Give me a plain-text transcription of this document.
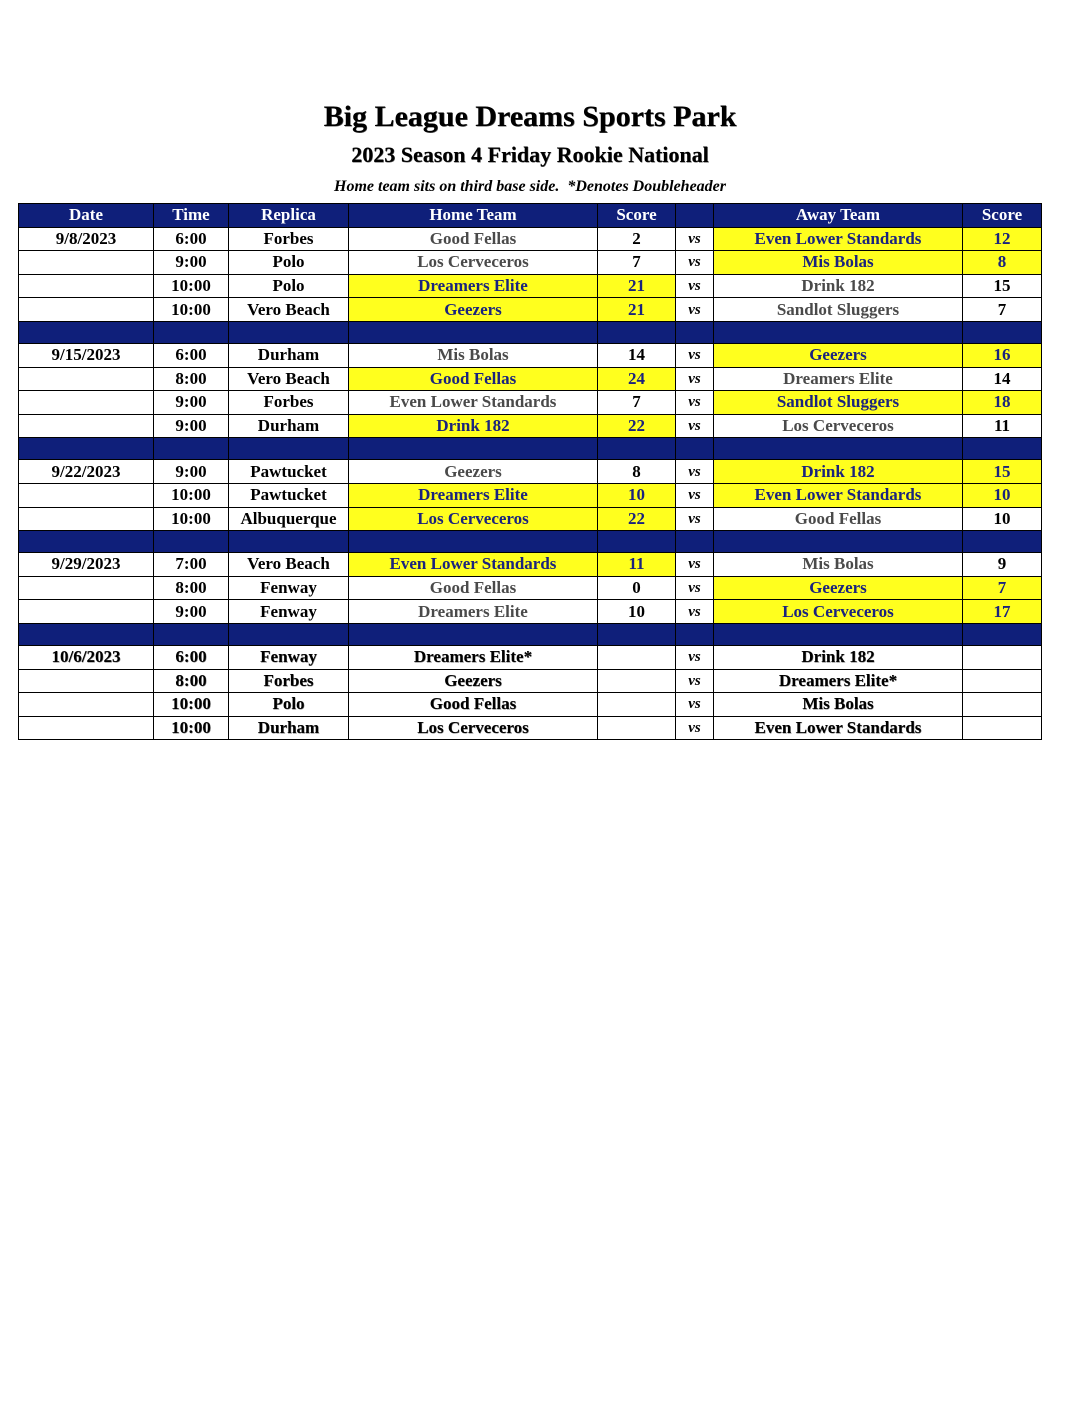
Big League Dreams Sports Park
2023 Season 4 Friday Rookie National
Home team sits on third base side.  *Denotes Doubleheader
Date	Time	Replica	Home Team	Score		Away Team	Score
9/8/2023	6:00	Forbes	Good Fellas	2	vs	Even Lower Standards	12
	9:00	Polo	Los Cerveceros	7	vs	Mis Bolas	8
	10:00	Polo	Dreamers Elite	21	vs	Drink 182	15
	10:00	Vero Beach	Geezers	21	vs	Sandlot Sluggers	7

9/15/2023	6:00	Durham	Mis Bolas	14	vs	Geezers	16
	8:00	Vero Beach	Good Fellas	24	vs	Dreamers Elite	14
	9:00	Forbes	Even Lower Standards	7	vs	Sandlot Sluggers	18
	9:00	Durham	Drink 182	22	vs	Los Cerveceros	11

9/22/2023	9:00	Pawtucket	Geezers	8	vs	Drink 182	15
	10:00	Pawtucket	Dreamers Elite	10	vs	Even Lower Standards	10
	10:00	Albuquerque	Los Cerveceros	22	vs	Good Fellas	10

9/29/2023	7:00	Vero Beach	Even Lower Standards	11	vs	Mis Bolas	9
	8:00	Fenway	Good Fellas	0	vs	Geezers	7
	9:00	Fenway	Dreamers Elite	10	vs	Los Cerveceros	17

10/6/2023	6:00	Fenway	Dreamers Elite*		vs	Drink 182	
	8:00	Forbes	Geezers		vs	Dreamers Elite*	
	10:00	Polo	Good Fellas		vs	Mis Bolas	
	10:00	Durham	Los Cerveceros		vs	Even Lower Standards	
